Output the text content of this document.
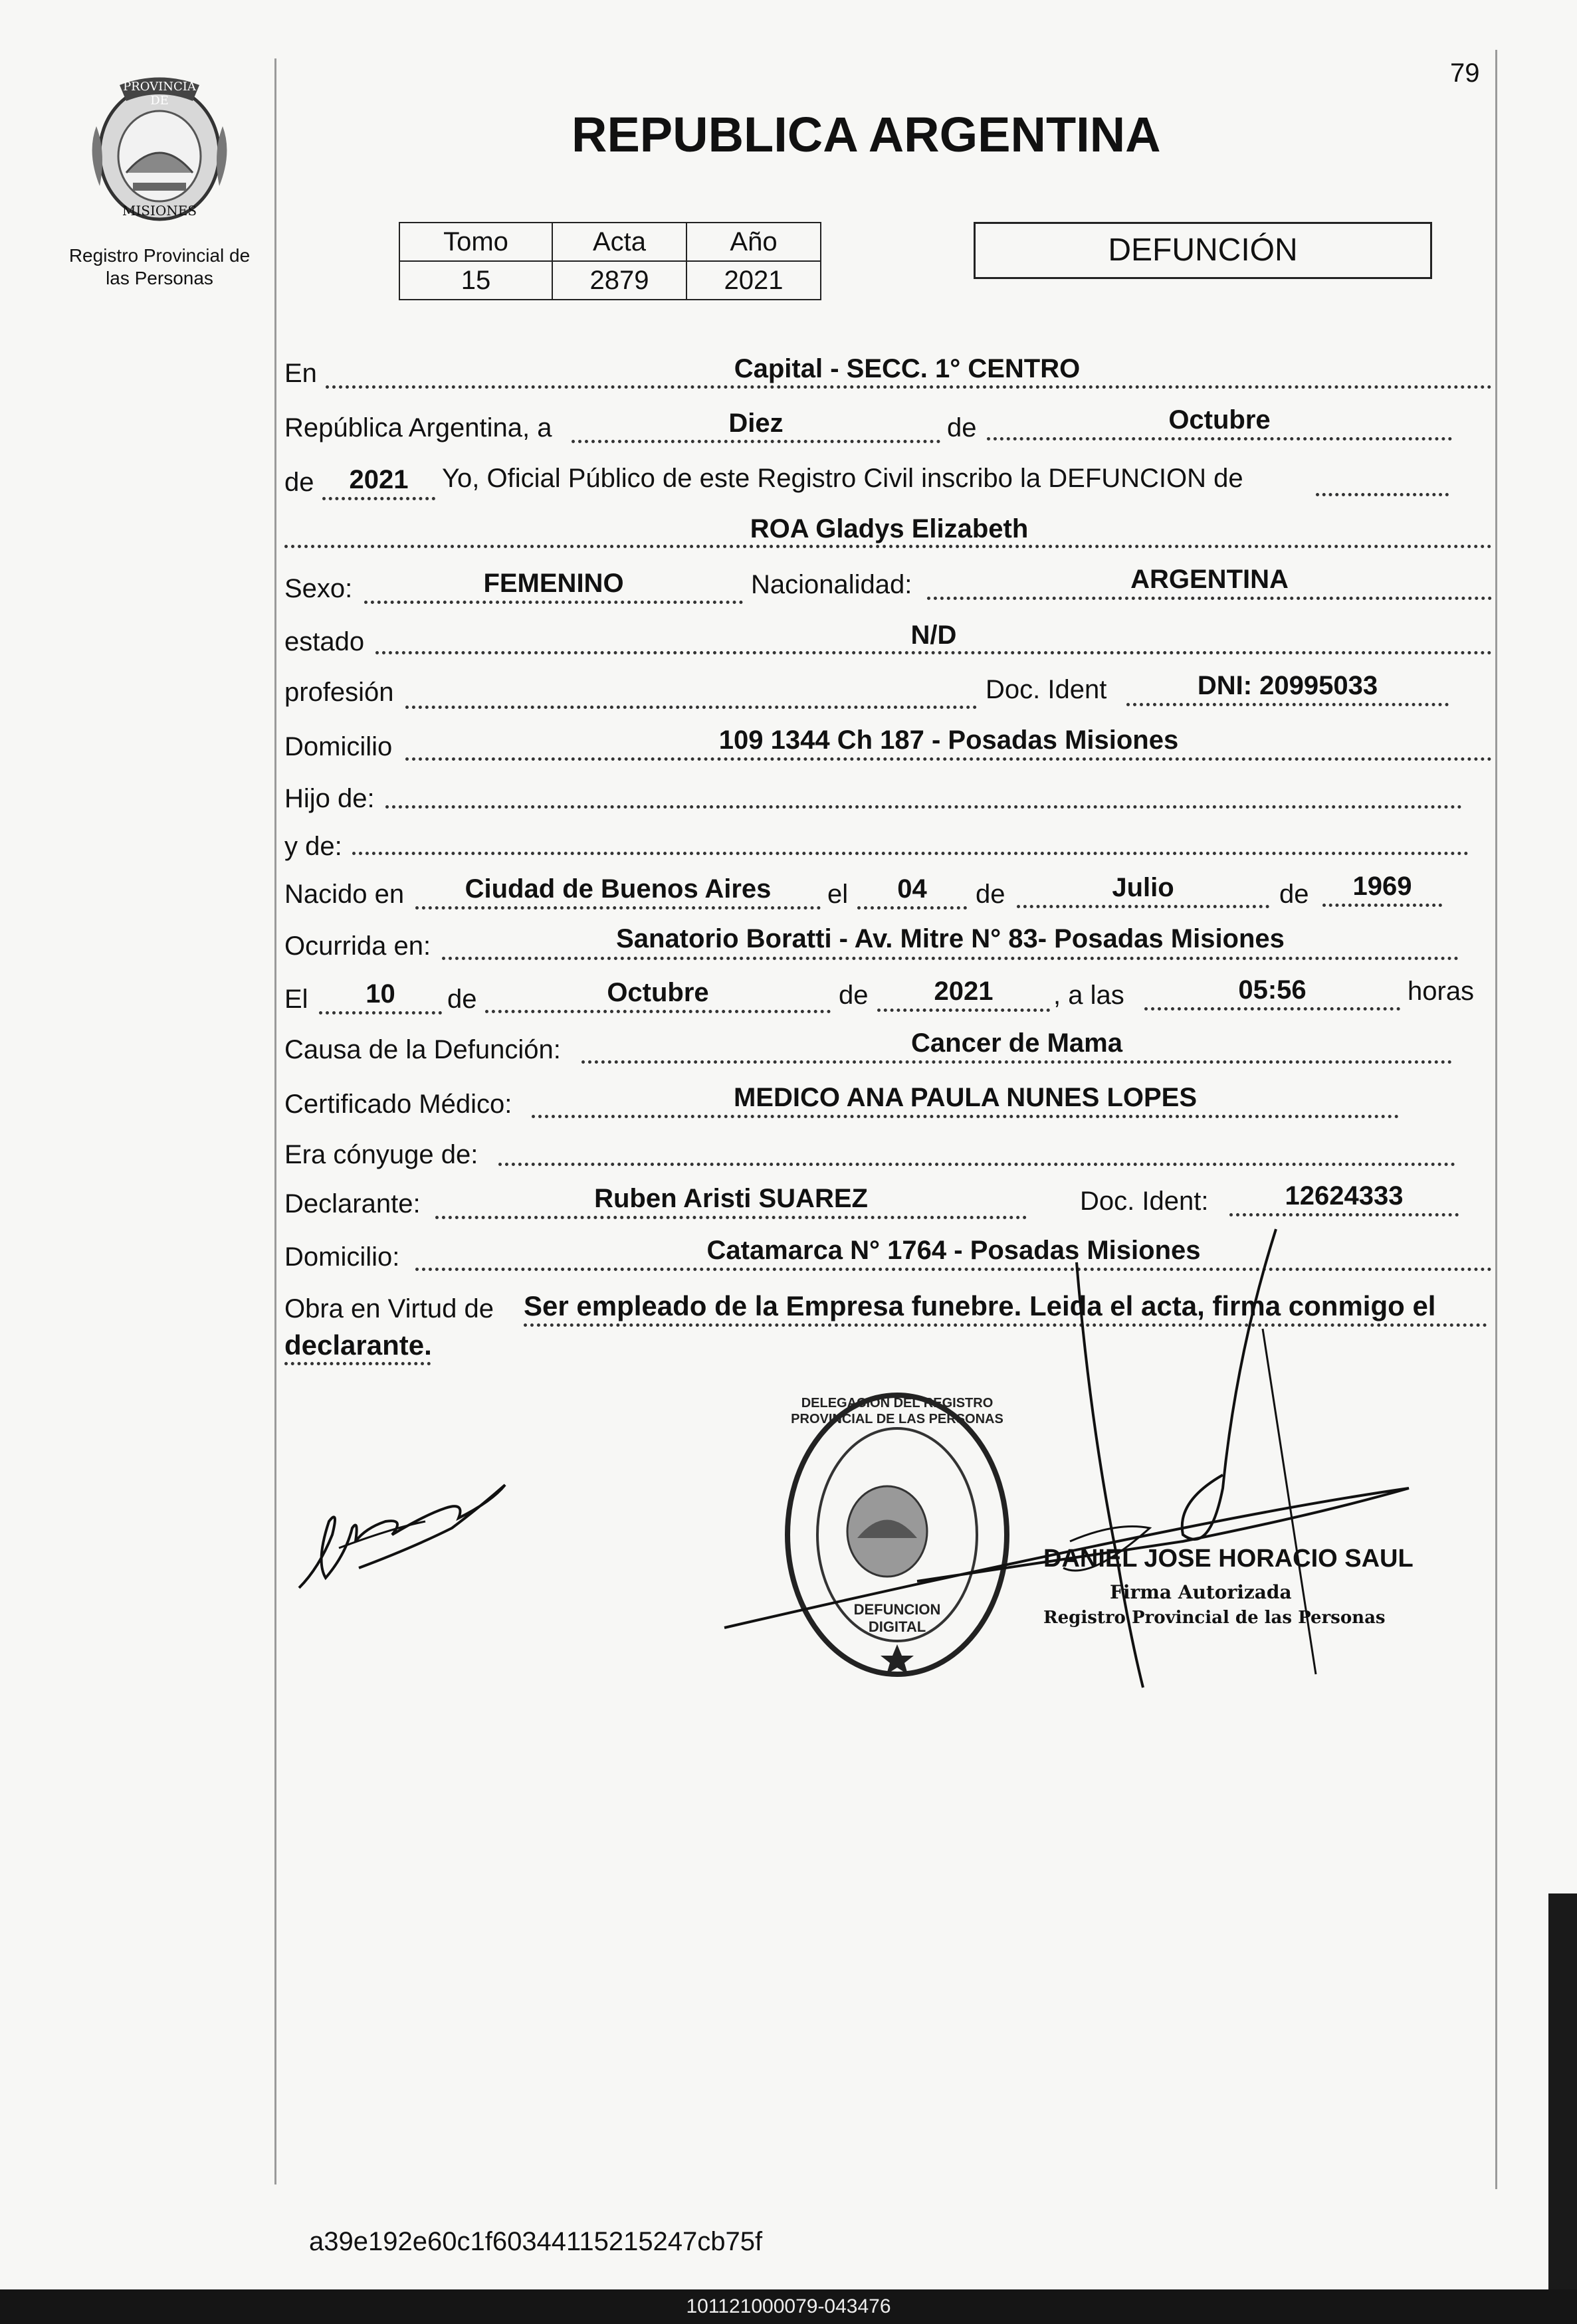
79
PROVINCIA DE
MISIONES
Registro Provincial de
las Personas
REPUBLICA ARGENTINA
Tomo	Acta	Año
15	2879	2021
DEFUNCIÓN
En	Capital - SECC. 1° CENTRO
República Argentina, a	Diez	de	Octubre
de	2021	Yo, Oficial Público de este Registro Civil inscribo la DEFUNCION de
ROA Gladys Elizabeth
Sexo:	FEMENINO	Nacionalidad:	ARGENTINA
estado	N/D
profesión	Doc. Ident	DNI: 20995033
Domicilio	109 1344 Ch 187 - Posadas Misiones
Hijo de:
y de:
Nacido en	Ciudad de Buenos Aires	el	04	de	Julio	de	1969
Ocurrida en:	Sanatorio Boratti - Av. Mitre N° 83- Posadas Misiones
El	10	de	Octubre	de	2021	, a las	05:56	horas
Causa de la Defunción:	Cancer de Mama
Certificado Médico:	MEDICO ANA PAULA NUNES LOPES
Era cónyuge de:
Declarante:	Ruben Aristi SUAREZ	Doc. Ident:	12624333
Domicilio:	Catamarca N° 1764 - Posadas Misiones
Obra en Virtud de Ser empleado de la Empresa funebre. Leida el acta, firma conmigo el
declarante.
DELEGACION DEL REGISTRO PROVINCIAL DE LAS PERSONAS
DEFUNCION DIGITAL
DANIEL JOSE HORACIO SAUL
Firma Autorizada
Registro Provincial de las Personas
a39e192e60c1f60344115215247cb75f
101121000079-043476
